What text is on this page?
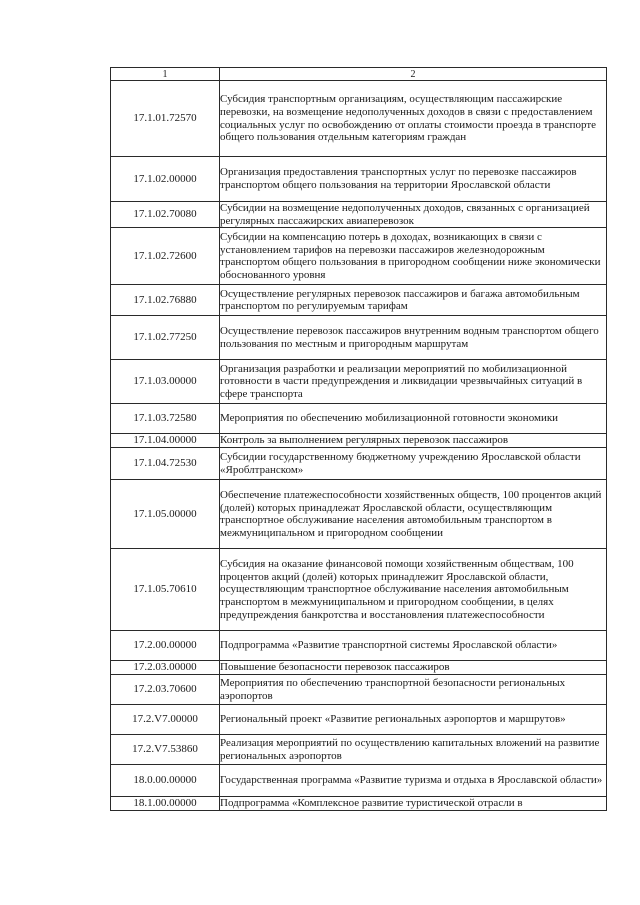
1	2
17.1.01.72570	Субсидия транспортным организациям, осуществляющим пассажирские перевозки, на возмещение недополученных доходов в связи с предоставлением социальных услуг по освобождению от оплаты стоимости проезда в транспорте общего пользования отдельным категориям граждан
17.1.02.00000	Организация предоставления транспортных услуг по перевозке пассажиров транспортом общего пользования на территории Ярославской области
17.1.02.70080	Субсидии на возмещение недополученных доходов, связанных с организацией регулярных пассажирских авиаперевозок
17.1.02.72600	Субсидии на компенсацию потерь в доходах, возникающих в связи с установлением тарифов на перевозки пассажиров железнодорожным транспортом общего пользования в пригородном сообщении ниже экономически обоснованного уровня
17.1.02.76880	Осуществление регулярных перевозок пассажиров и багажа автомобильным транспортом по регулируемым тарифам
17.1.02.77250	Осуществление перевозок пассажиров внутренним водным транспортом общего пользования по местным и пригородным маршрутам
17.1.03.00000	Организация разработки и реализации мероприятий по мобилизационной готовности в части предупреждения и ликвидации чрезвычайных ситуаций в сфере транспорта
17.1.03.72580	Мероприятия по обеспечению мобилизационной готовности экономики
17.1.04.00000	Контроль за выполнением регулярных перевозок пассажиров
17.1.04.72530	Субсидии государственному бюджетному учреждению Ярославской области «Яроблтранском»
17.1.05.00000	Обеспечение платежеспособности хозяйственных обществ, 100 процентов акций (долей) которых принадлежат Ярославской области, осуществляющим транспортное обслуживание населения автомобильным транспортом в межмуниципальном и пригородном сообщении
17.1.05.70610	Субсидия на оказание финансовой помощи хозяйственным обществам, 100 процентов акций (долей) которых принадлежит Ярославской области, осуществляющим транспортное обслуживание населения автомобильным транспортом в межмуниципальном и пригородном сообщении, в целях предупреждения банкротства и восстановления платежеспособности
17.2.00.00000	Подпрограмма «Развитие транспортной системы Ярославской области»
17.2.03.00000	Повышение безопасности перевозок пассажиров
17.2.03.70600	Мероприятия по обеспечению транспортной безопасности региональных аэропортов
17.2.V7.00000	Региональный проект «Развитие региональных аэропортов и маршрутов»
17.2.V7.53860	Реализация мероприятий по осуществлению капитальных вложений на развитие региональных аэропортов
18.0.00.00000	Государственная программа «Развитие туризма и отдыха в Ярославской области»
18.1.00.00000	Подпрограмма «Комплексное развитие туристической отрасли в
